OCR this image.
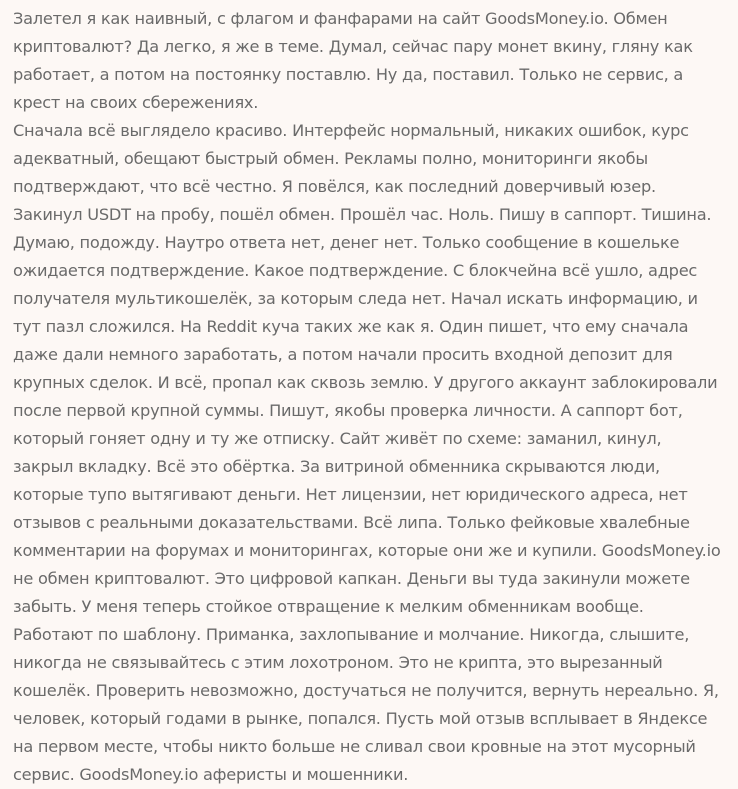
Залетел я как наивный, с флагом и фанфарами на сайт GoodsMoney.io. Обмен криптовалют? Да легко, я же в теме. Думал, сейчас пару монет вкину, гляну как работает, а потом на постоянку поставлю. Ну да, поставил. Только не сервис, а крест на своих сбережениях.

Сначала всё выглядело красиво. Интерфейс нормальный, никаких ошибок, курс адекватный, обещают быстрый обмен. Рекламы полно, мониторинги якобы подтверждают, что всё честно. Я повёлся, как последний доверчивый юзер. Закинул USDT на пробу, пошёл обмен. Прошёл час. Ноль. Пишу в саппорт. Тишина. Думаю, подожду. Наутро ответа нет, денег нет. Только сообщение в кошельке ожидается подтверждение. Какое подтверждение. С блокчейна всё ушло, адрес получателя мультикошелёк, за которым следа нет. Начал искать информацию, и тут пазл сложился. На Reddit куча таких же как я. Один пишет, что ему сначала даже дали немного заработать, а потом начали просить входной депозит для крупных сделок. И всё, пропал как сквозь землю. У другого аккаунт заблокировали после первой крупной суммы. Пишут, якобы проверка личности. А саппорт бот, который гоняет одну и ту же отписку. Сайт живёт по схеме: заманил, кинул, закрыл вкладку. Всё это обёртка. За витриной обменника скрываются люди, которые тупо вытягивают деньги. Нет лицензии, нет юридического адреса, нет отзывов с реальными доказательствами. Всё липа. Только фейковые хвалебные комментарии на форумах и мониторингах, которые они же и купили. GoodsMoney.io не обмен криптовалют. Это цифровой капкан. Деньги вы туда закинули можете забыть. У меня теперь стойкое отвращение к мелким обменникам вообще. Работают по шаблону. Приманка, захлопывание и молчание. Никогда, слышите, никогда не связывайтесь с этим лохотроном. Это не крипта, это вырезанный кошелёк. Проверить невозможно, достучаться не получится, вернуть нереально. Я, человек, который годами в рынке, попался. Пусть мой отзыв всплывает в Яндексе на первом месте, чтобы никто больше не сливал свои кровные на этот мусорный сервис. GoodsMoney.io аферисты и мошенники.
